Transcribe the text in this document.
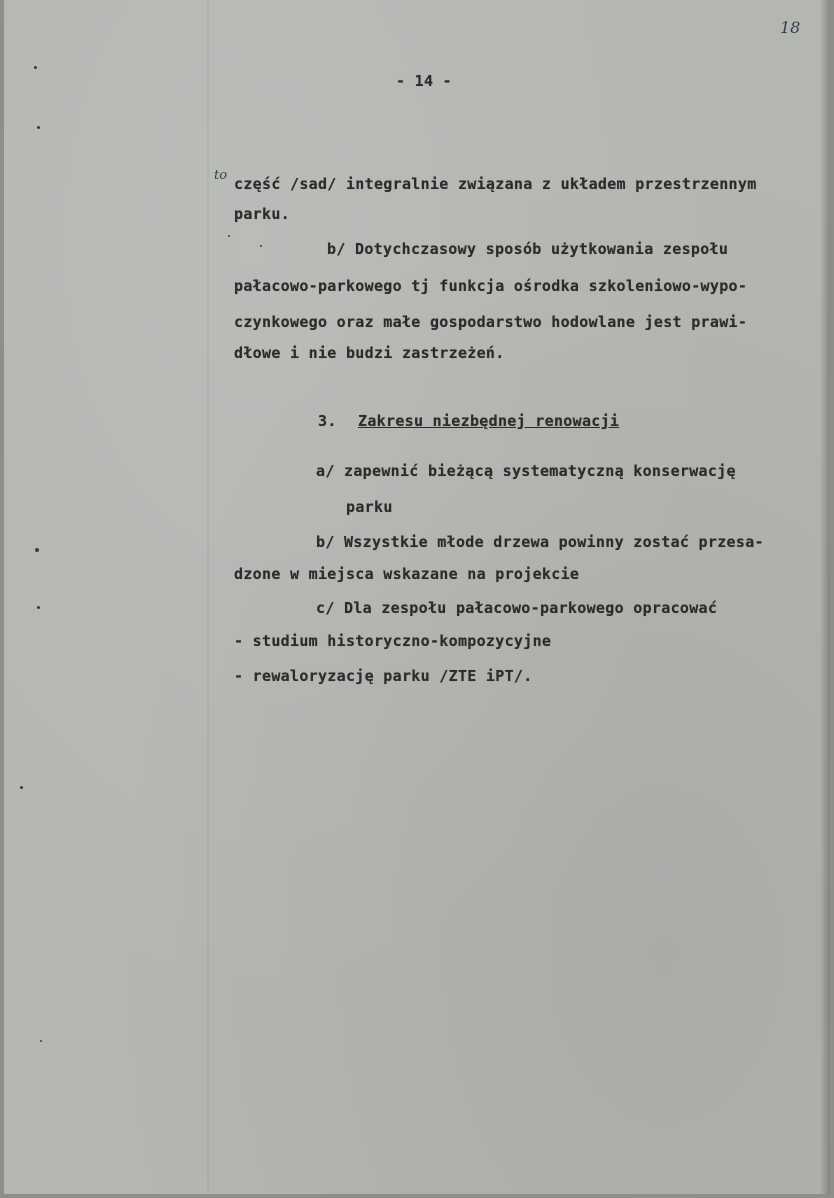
18
- 14 -
to część /sad/ integralnie związana z układem przestrzennym
parku.
b/ Dotychczasowy sposób użytkowania zespołu
pałacowo-parkowego tj funkcja ośrodka szkoleniowo-wypo-
czynkowego oraz małe gospodarstwo hodowlane jest prawi-
dłowe i nie budzi zastrzeżeń.
3. Zakresu niezbędnej renowacji
a/ zapewnić bieżącą systematyczną konserwację
parku
b/ Wszystkie młode drzewa powinny zostać przesa-
dzone w miejsca wskazane na projekcie
c/ Dla zespołu pałacowo-parkowego opracować
- studium historyczno-kompozycyjne
- rewaloryzację parku /ZTE iPT/.
